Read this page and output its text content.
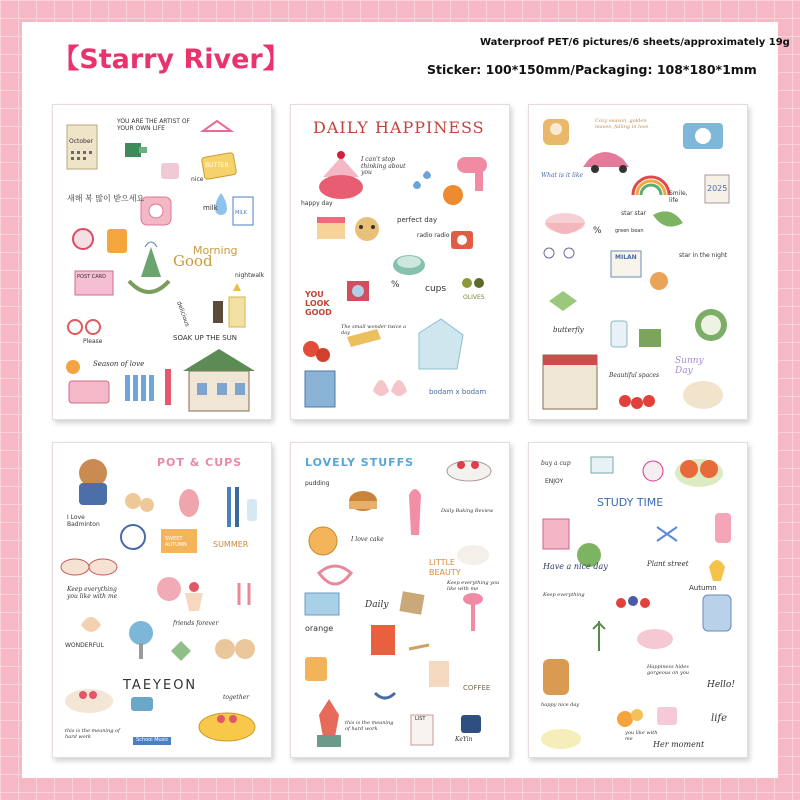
【Starry River】
Waterproof PET/6 pictures/6 sheets/approximately 19g
Sticker: 100*150mm/Packaging: 108*180*1mm
YOU ARE THE ARTIST OF YOUR OWN LIFE
October
nice
BUTTER
새해 복 많이 받으세요
milk
MILK
Morning
Good
POST CARD	nightwalk
delicious
SOAK UP THE SUN
Please
Season of love
DAILY HAPPINESS
I can't stop thinking about you
happy day
perfect day
radio radio
YOU LOOK GOOD
%	cups
OLIVES
The small wonder twice a day
bodam x bodam
Cozy season, golden leaves, falling in love
What is it like
star star
Smile, life
2025
%	green bean
MILAN	star in the night
butterfly
Sunny Day
Beautiful spaces
POT & CUPS
I Love Badminton
SWEET AUTUMN	SUMMER
Keep everything you like with me
friends forever
WONDERFUL
TAEYEON
together
this is the meaning of hard work
School Music
LOVELY STUFFS
pudding
Daily Baking Review
I love cake
LITTLE
BEAUTY
Keep everything you like with me
Daily
orange
COFFEE
this is the meaning of hard work
LIST
KeYin
buy a cup
ENJOY
STUDY TIME
Have a nice day	Plant street
Keep everything
Autumn
Happiness hides gorgeous on you
Hello!
happy nice day
you like with me
life
Her moment
